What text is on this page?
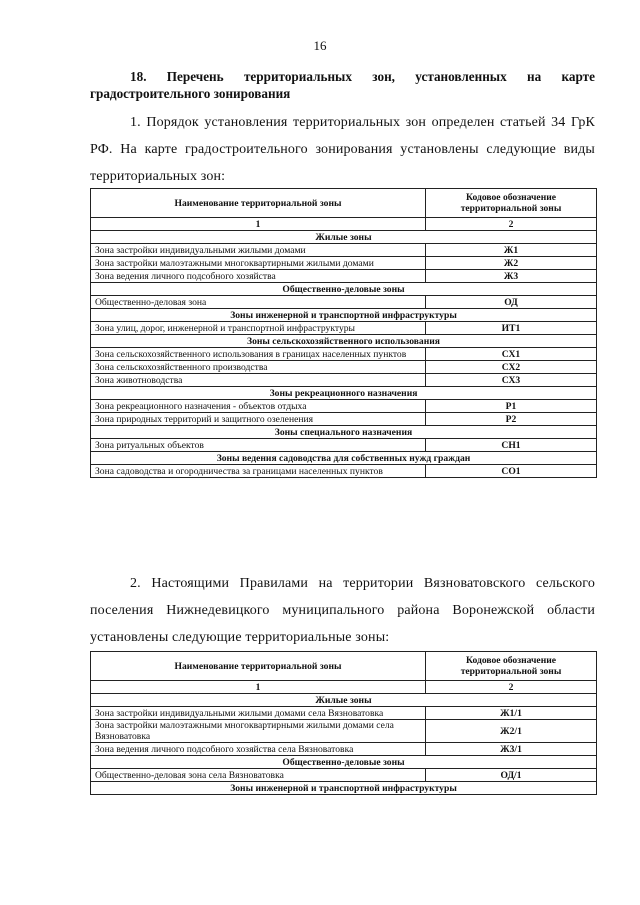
16
18. Перечень территориальных зон, установленных на карте градостроительного зонирования
1. Порядок установления территориальных зон определен статьей 34 ГрК РФ. На карте градостроительного зонирования установлены следующие виды территориальных зон:
Наименование территориальной зоны	Кодовое обозначение территориальной зоны
1	2
Жилые зоны	
Зона застройки индивидуальными жилыми домами	Ж1
Зона застройки малоэтажными многоквартирными жилыми домами	Ж2
Зона ведения личного подсобного хозяйства	Ж3
Общественно-деловые зоны	
Общественно-деловая зона	ОД
Зоны инженерной и транспортной инфраструктуры	
Зона улиц, дорог, инженерной и транспортной инфраструктуры	ИТ1
Зоны сельскохозяйственного использования	
Зона сельскохозяйственного использования в границах населенных пунктов	СХ1
Зона сельскохозяйственного производства	СХ2
Зона животноводства	СХ3
Зоны рекреационного назначения	
Зона рекреационного назначения - объектов отдыха	Р1
Зона природных территорий и защитного озеленения	Р2
Зоны специального назначения	
Зона ритуальных объектов	СН1
Зоны ведения садоводства для собственных нужд граждан	
Зона садоводства и огородничества за границами населенных пунктов	СО1
2. Настоящими Правилами на территории Вязноватовского сельского поселения Нижнедевицкого муниципального района Воронежской области установлены следующие территориальные зоны:
Наименование территориальной зоны	Кодовое обозначение территориальной зоны
1	2
Жилые зоны	
Зона застройки индивидуальными жилыми домами села Вязноватовка	Ж1/1
Зона застройки малоэтажными многоквартирными жилыми домами села Вязноватовка	Ж2/1
Зона ведения личного подсобного хозяйства села Вязноватовка	Ж3/1
Общественно-деловые зоны	
Общественно-деловая зона села Вязноватовка	ОД/1
Зоны инженерной и транспортной инфраструктуры	
